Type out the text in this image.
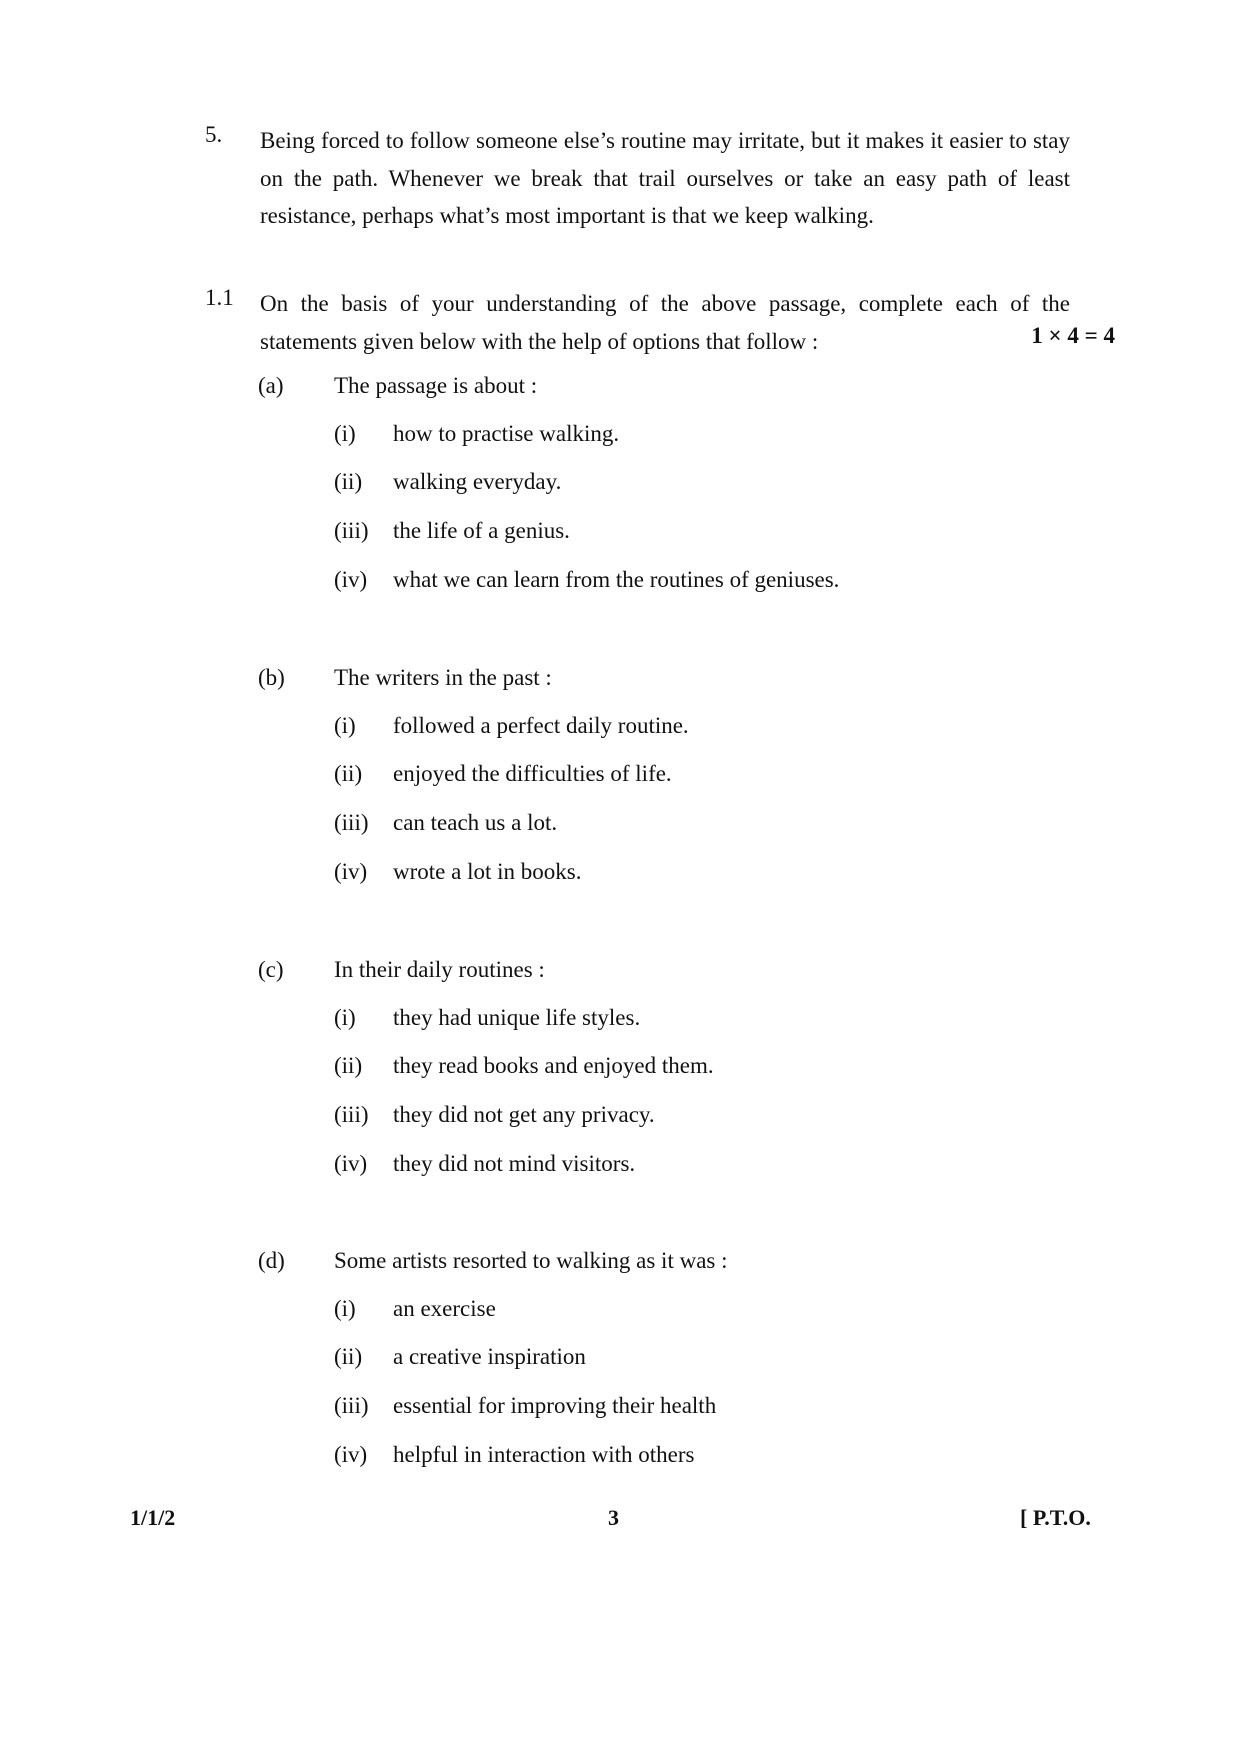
5. Being forced to follow someone else’s routine may irritate, but it makes it easier to stay on the path. Whenever we break that trail ourselves or take an easy path of least resistance, perhaps what’s most important is that we keep walking.
1.1 On the basis of your understanding of the above passage, complete each of the
statements given below with the help of options that follow :	1 × 4 = 4
(a) The passage is about :
(i) how to practise walking.
(ii) walking everyday.
(iii) the life of a genius.
(iv) what we can learn from the routines of geniuses.
(b) The writers in the past :
(i) followed a perfect daily routine.
(ii) enjoyed the difficulties of life.
(iii) can teach us a lot.
(iv) wrote a lot in books.
(c) In their daily routines :
(i) they had unique life styles.
(ii) they read books and enjoyed them.
(iii) they did not get any privacy.
(iv) they did not mind visitors.
(d) Some artists resorted to walking as it was :
(i) an exercise
(ii) a creative inspiration
(iii) essential for improving their health
(iv) helpful in interaction with others
1/1/2	3	[ P.T.O.
